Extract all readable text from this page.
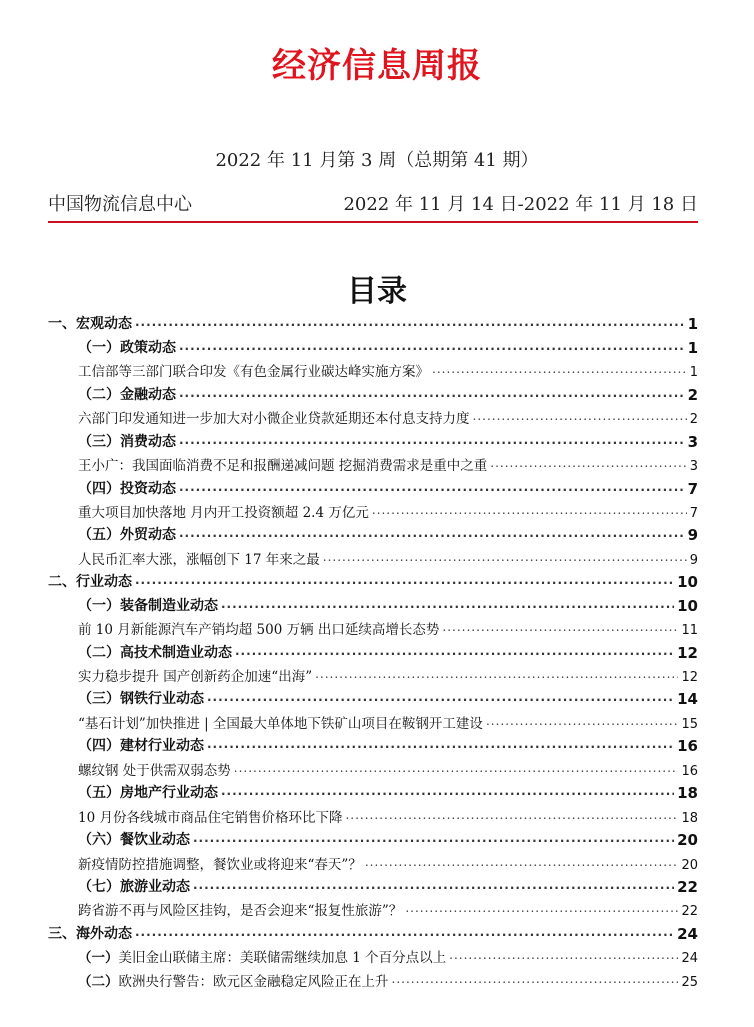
经济信息周报
2022 年 11 月第 3 周（总期第 41 期）
中国物流信息中心	2022 年 11 月 14 日-2022 年 11 月 18 日
目录
一、宏观动态 .....	1
（一）政策动态 .....	1
工信部等三部门联合印发《有色金属行业碳达峰实施方案》 .....	1
（二）金融动态 .....	2
六部门印发通知进一步加大对小微企业贷款延期还本付息支持力度 .....	2
（三）消费动态 .....	3
王小广：我国面临消费不足和报酬递减问题 挖掘消费需求是重中之重 .....	3
（四）投资动态 .....	7
重大项目加快落地 月内开工投资额超 2.4 万亿元 .....	7
（五）外贸动态 .....	9
人民币汇率大涨，涨幅创下 17 年来之最 .....	9
二、行业动态 .....	10
（一）装备制造业动态 .....	10
前 10 月新能源汽车产销均超 500 万辆 出口延续高增长态势 .....	11
（二）高技术制造业动态 .....	12
实力稳步提升 国产创新药企加速“出海” .....	12
（三）钢铁行业动态 .....	14
“基石计划”加快推进 | 全国最大单体地下铁矿山项目在鞍钢开工建设 .....	15
（四）建材行业动态 .....	16
螺纹钢 处于供需双弱态势 .....	16
（五）房地产行业动态 .....	18
10 月份各线城市商品住宅销售价格环比下降 .....	18
（六）餐饮业动态 .....	20
新疫情防控措施调整，餐饮业或将迎来“春天”？ .....	20
（七）旅游业动态 .....	22
跨省游不再与风险区挂钩，是否会迎来“报复性旅游”？ .....	22
三、海外动态 .....	24
（一）美旧金山联储主席：美联储需继续加息 1 个百分点以上 .....	24
（二）欧洲央行警告：欧元区金融稳定风险正在上升 .....	25
